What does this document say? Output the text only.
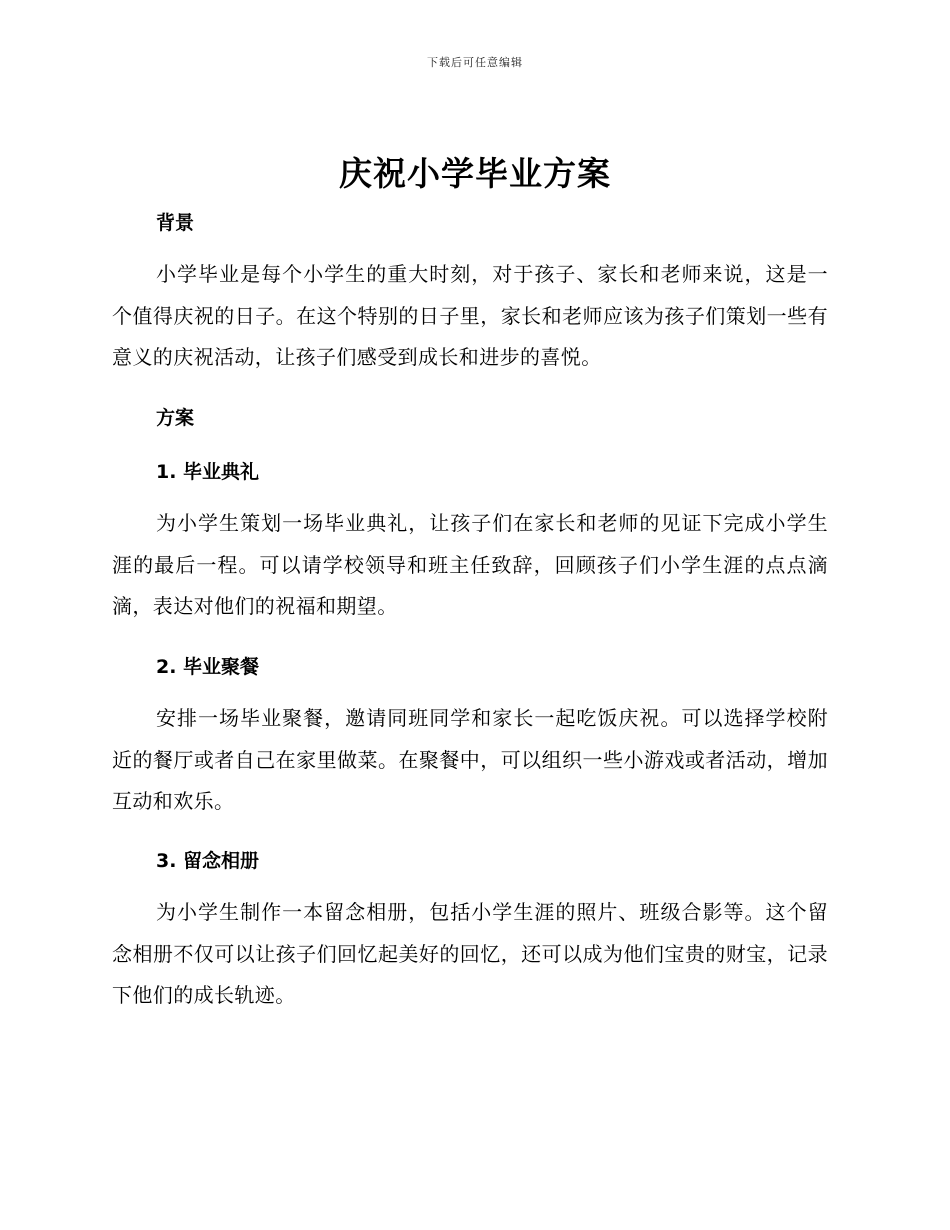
下载后可任意编辑
庆祝小学毕业方案
背景

小学毕业是每个小学生的重大时刻，对于孩子、家长和老师来说，这是一个值得庆祝的日子。在这个特别的日子里，家长和老师应该为孩子们策划一些有意义的庆祝活动，让孩子们感受到成长和进步的喜悦。

方案
1. 毕业典礼

为小学生策划一场毕业典礼，让孩子们在家长和老师的见证下完成小学生涯的最后一程。可以请学校领导和班主任致辞，回顾孩子们小学生涯的点点滴滴，表达对他们的祝福和期望。

2. 毕业聚餐

安排一场毕业聚餐，邀请同班同学和家长一起吃饭庆祝。可以选择学校附近的餐厅或者自己在家里做菜。在聚餐中，可以组织一些小游戏或者活动，增加互动和欢乐。

3. 留念相册

为小学生制作一本留念相册，包括小学生涯的照片、班级合影等。这个留念相册不仅可以让孩子们回忆起美好的回忆，还可以成为他们宝贵的财宝，记录下他们的成长轨迹。
